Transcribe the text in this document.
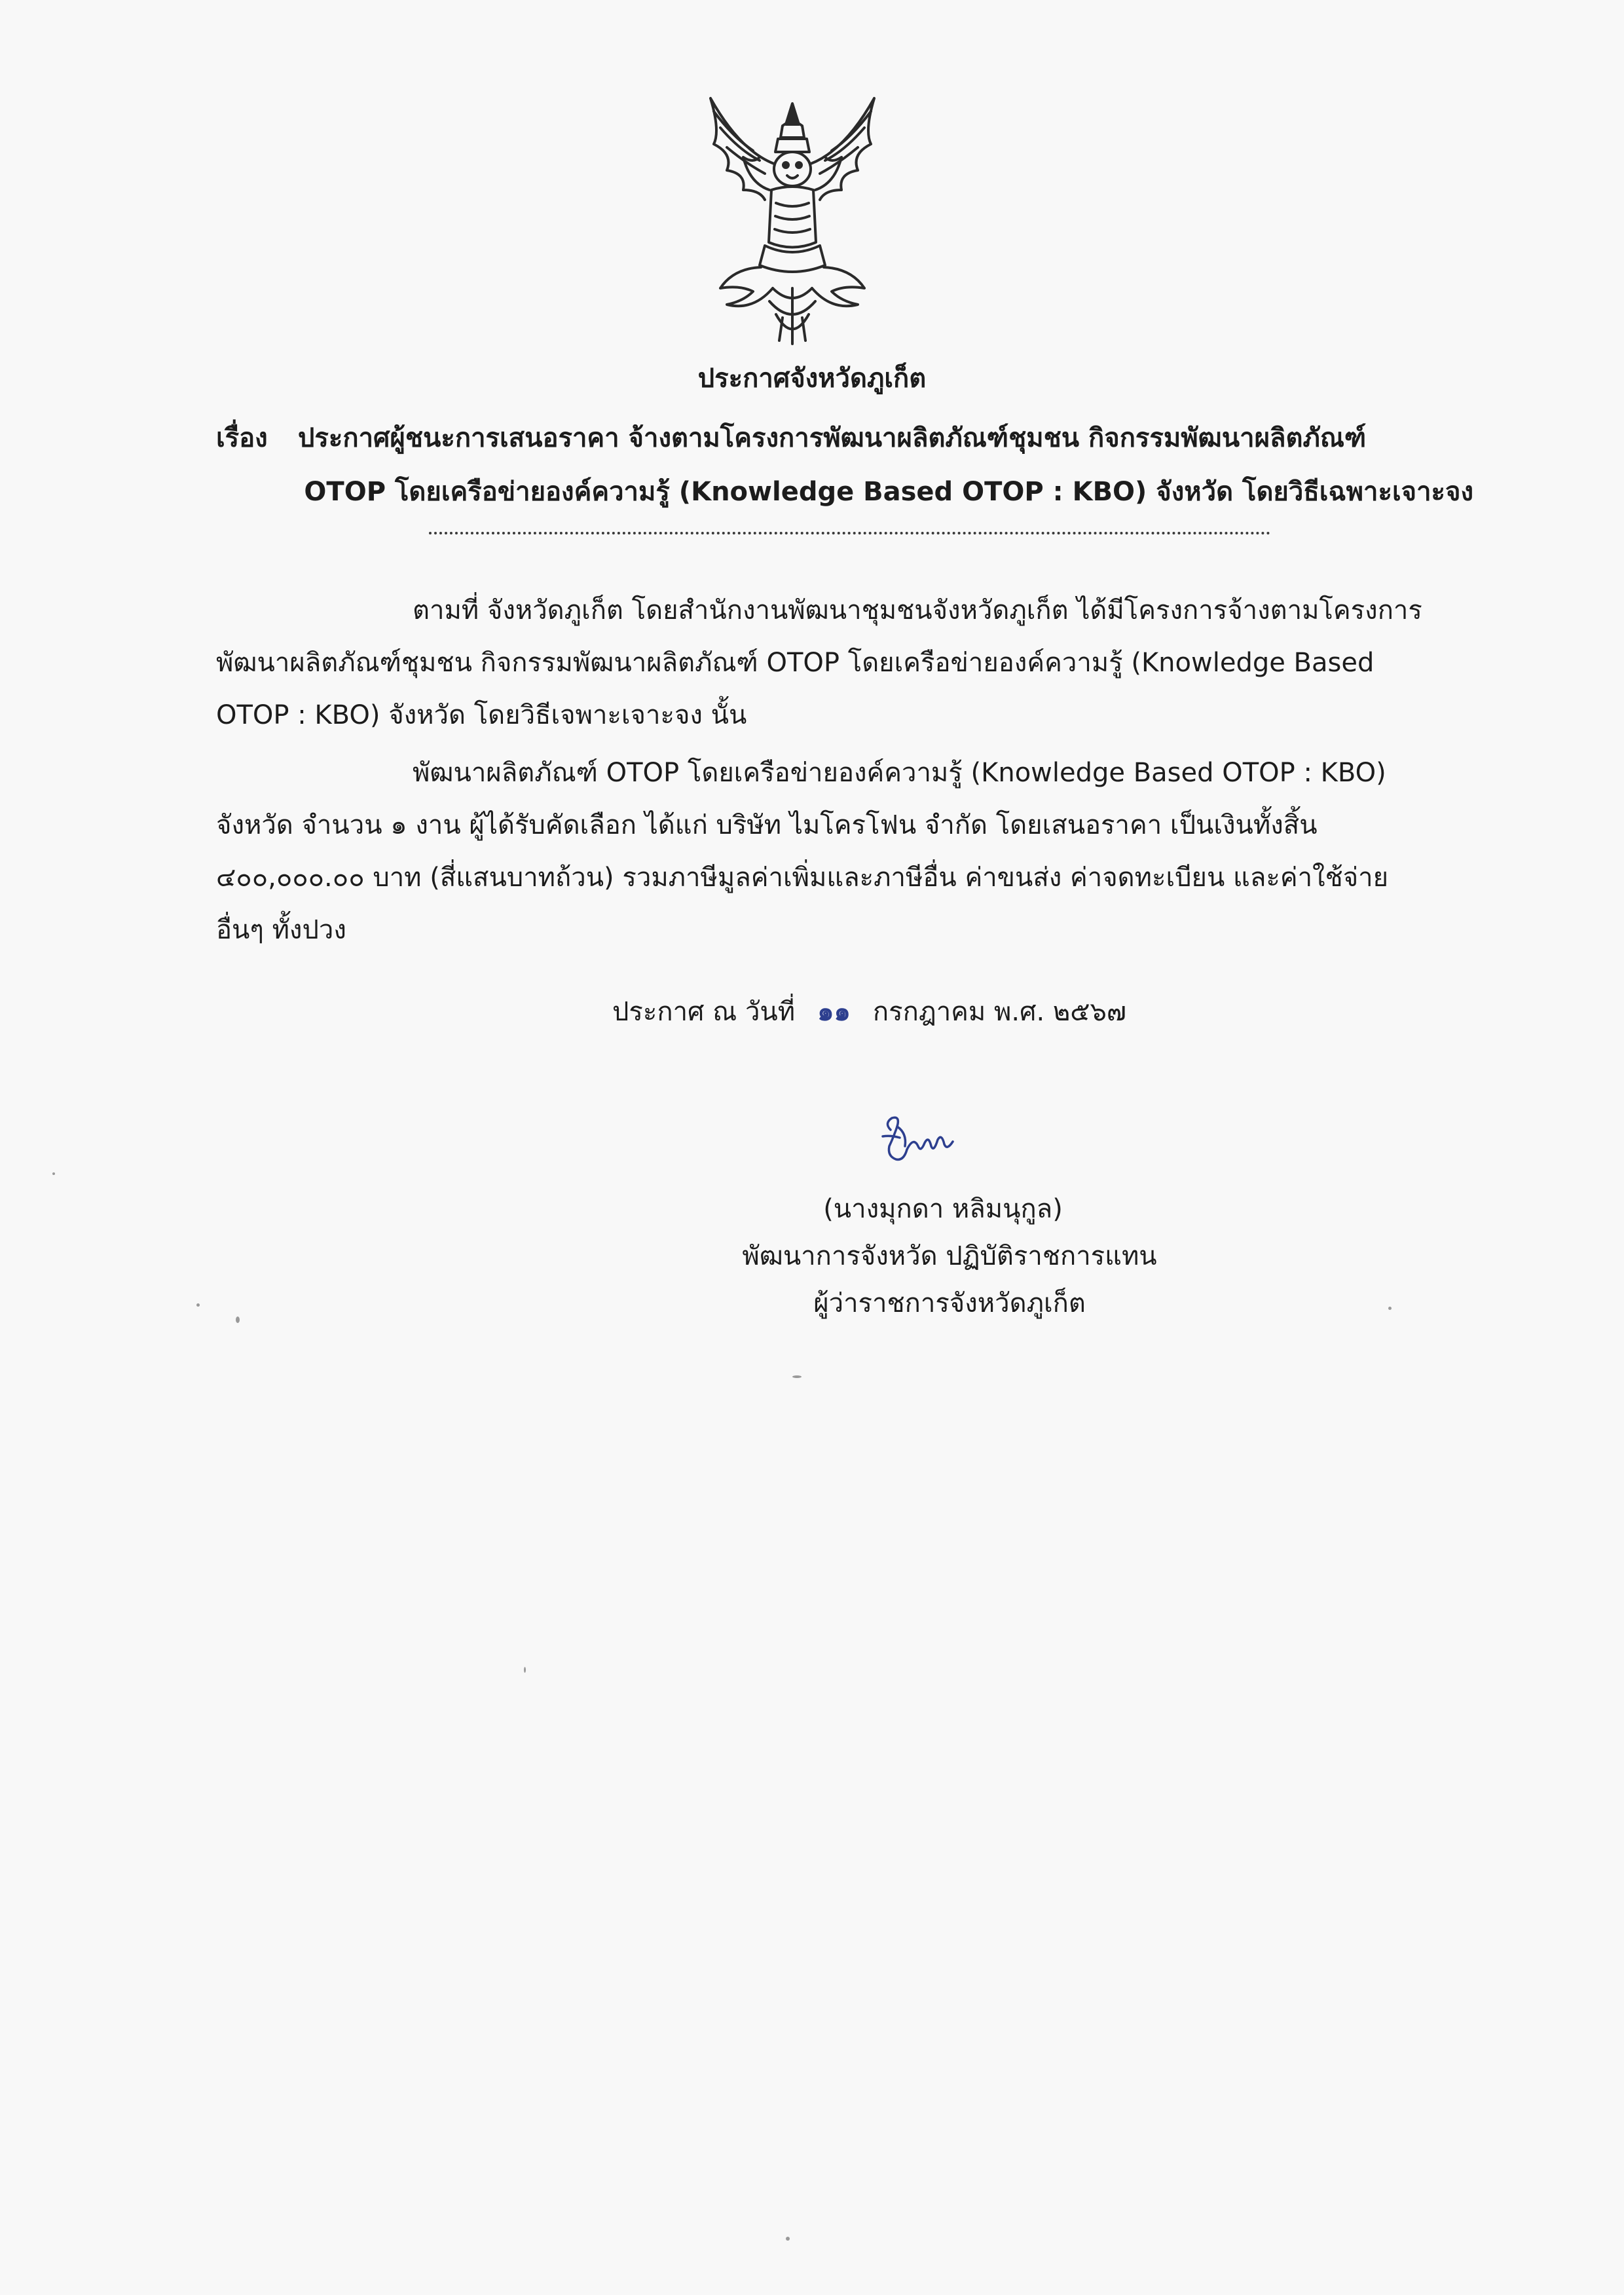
ประกาศจังหวัดภูเก็ต
เรื่อง ประกาศผู้ชนะการเสนอราคา จ้างตามโครงการพัฒนาผลิตภัณฑ์ชุมชน กิจกรรมพัฒนาผลิตภัณฑ์
OTOP โดยเครือข่ายองค์ความรู้ (Knowledge Based OTOP : KBO) จังหวัด โดยวิธีเฉพาะเจาะจง
ตามที่ จังหวัดภูเก็ต โดยสำนักงานพัฒนาชุมชนจังหวัดภูเก็ต ได้มีโครงการจ้างตามโครงการ
พัฒนาผลิตภัณฑ์ชุมชน กิจกรรมพัฒนาผลิตภัณฑ์ OTOP โดยเครือข่ายองค์ความรู้ (Knowledge Based
OTOP : KBO) จังหวัด โดยวิธีเจพาะเจาะจง นั้น
พัฒนาผลิตภัณฑ์ OTOP โดยเครือข่ายองค์ความรู้ (Knowledge Based OTOP : KBO)
จังหวัด จำนวน ๑ งาน ผู้ได้รับคัดเลือก ได้แก่ บริษัท ไมโครโฟน จำกัด โดยเสนอราคา เป็นเงินทั้งสิ้น
๔๐๐,๐๐๐.๐๐ บาท (สี่แสนบาทถ้วน) รวมภาษีมูลค่าเพิ่มและภาษีอื่น ค่าขนส่ง ค่าจดทะเบียน และค่าใช้จ่าย
อื่นๆ ทั้งปวง
ประกาศ ณ วันที่ ๑๑ กรกฎาคม พ.ศ. ๒๕๖๗
(นางมุกดา หลิมนุกูล)
พัฒนาการจังหวัด ปฏิบัติราชการแทน
ผู้ว่าราชการจังหวัดภูเก็ต
